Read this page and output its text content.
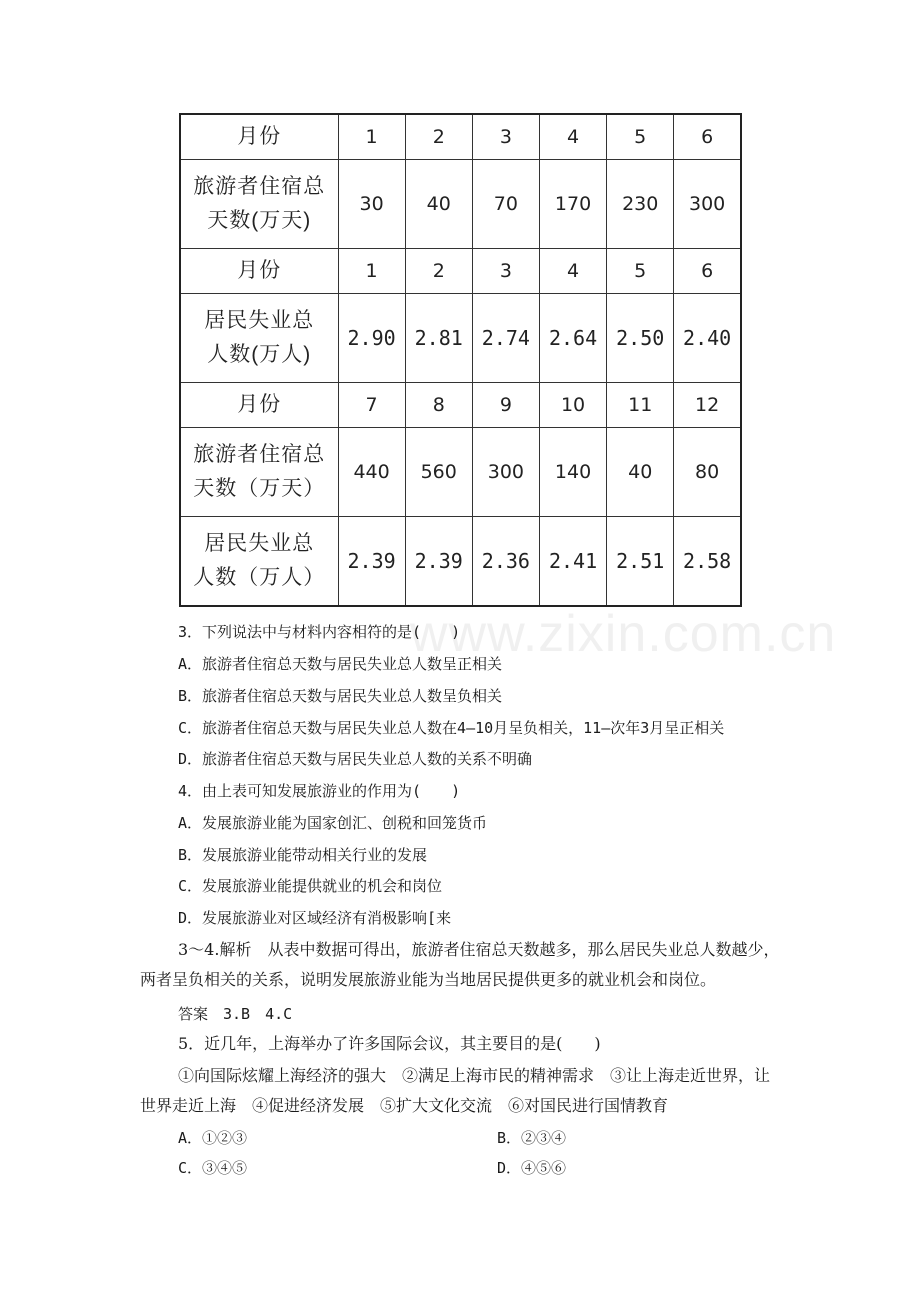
月份	1	2	3	4	5	6

旅游者住宿总
天数(万天)	30	40	70	170	230	300
月份	1	2	3	4	5	6

居民失业总
人数(万人)	2.90	2.81	2.74	2.64	2.50	2.40
月份	7	8	9	10	11	12

旅游者住宿总
天数（万天）	440	560	300	140	40	80

居民失业总
人数（万人）	2.39	2.39	2.36	2.41	2.51	2.58
www.zixin.com.cn
3．下列说法中与材料内容相符的是(　　)
A．旅游者住宿总天数与居民失业总人数呈正相关
B．旅游者住宿总天数与居民失业总人数呈负相关
C．旅游者住宿总天数与居民失业总人数在4—10月呈负相关，11—次年3月呈正相关
D．旅游者住宿总天数与居民失业总人数的关系不明确
4．由上表可知发展旅游业的作用为(　　)
A．发展旅游业能为国家创汇、创税和回笼货币
B．发展旅游业能带动相关行业的发展
C．发展旅游业能提供就业的机会和岗位
D．发展旅游业对区域经济有消极影响[来
3～4.解析　从表中数据可得出，旅游者住宿总天数越多，那么居民失业总人数越少，
两者呈负相关的关系，说明发展旅游业能为当地居民提供更多的就业机会和岗位。
答案　3.B　4.C
5．近几年，上海举办了许多国际会议，其主要目的是(　　)
①向国际炫耀上海经济的强大　②满足上海市民的精神需求　③让上海走近世界，让
世界走近上海　④促进经济发展　⑤扩大文化交流　⑥对国民进行国情教育
A．①②③	B．②③④
C．③④⑤	D．④⑤⑥
